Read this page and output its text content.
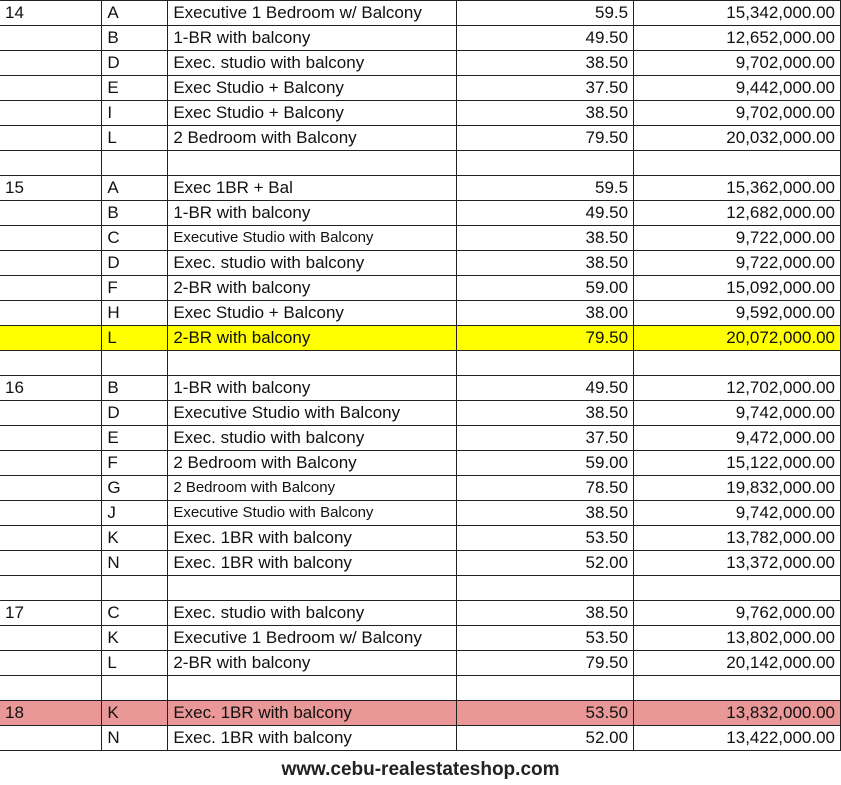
14	A	Executive 1 Bedroom w/ Balcony	59.5	15,342,000.00
	B	1-BR with balcony	49.50	12,652,000.00
	D	Exec. studio with balcony	38.50	9,702,000.00
	E	Exec Studio + Balcony	37.50	9,442,000.00
	I	Exec Studio + Balcony	38.50	9,702,000.00
	L	2 Bedroom with Balcony	79.50	20,032,000.00

15	A	Exec 1BR + Bal	59.5	15,362,000.00
	B	1-BR with balcony	49.50	12,682,000.00
	C	Executive Studio with Balcony	38.50	9,722,000.00
	D	Exec. studio with balcony	38.50	9,722,000.00
	F	2-BR with balcony	59.00	15,092,000.00
	H	Exec Studio + Balcony	38.00	9,592,000.00
	L	2-BR with balcony	79.50	20,072,000.00

16	B	1-BR with balcony	49.50	12,702,000.00
	D	Executive Studio with Balcony	38.50	9,742,000.00
	E	Exec. studio with balcony	37.50	9,472,000.00
	F	2 Bedroom with Balcony	59.00	15,122,000.00
	G	2 Bedroom with Balcony	78.50	19,832,000.00
	J	Executive Studio with Balcony	38.50	9,742,000.00
	K	Exec. 1BR with balcony	53.50	13,782,000.00
	N	Exec. 1BR with balcony	52.00	13,372,000.00

17	C	Exec. studio with balcony	38.50	9,762,000.00
	K	Executive 1 Bedroom w/ Balcony	53.50	13,802,000.00
	L	2-BR with balcony	79.50	20,142,000.00

18	K	Exec. 1BR with balcony	53.50	13,832,000.00
	N	Exec. 1BR with balcony	52.00	13,422,000.00
www.cebu-realestateshop.com
